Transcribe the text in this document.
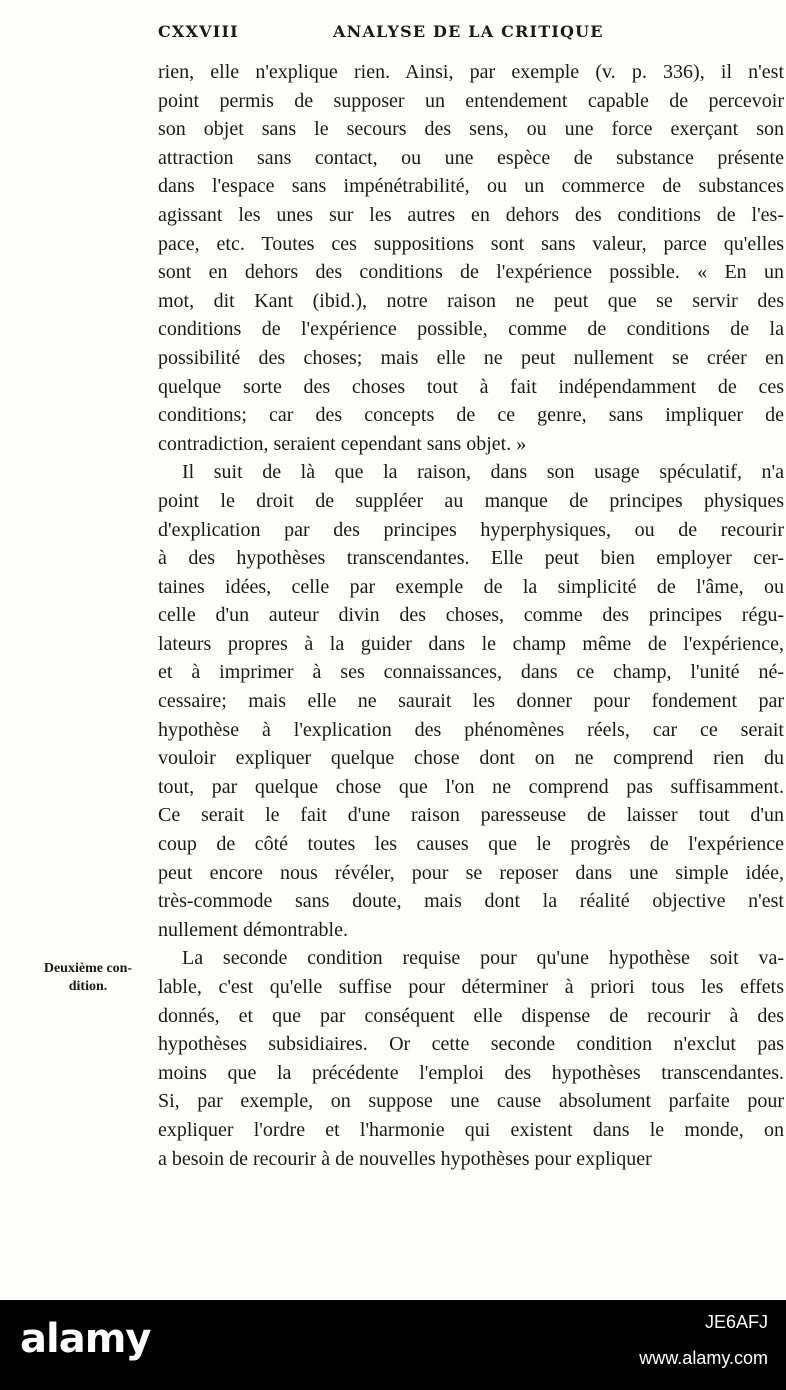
CXXVIII	ANALYSE DE LA CRITIQUE
rien, elle n'explique rien. Ainsi, par exemple (v. p. 336), il n'est
point permis de supposer un entendement capable de percevoir
son objet sans le secours des sens, ou une force exerçant son
attraction sans contact, ou une espèce de substance présente
dans l'espace sans impénétrabilité, ou un commerce de substances
agissant les unes sur les autres en dehors des conditions de l'es-
pace, etc. Toutes ces suppositions sont sans valeur, parce qu'elles
sont en dehors des conditions de l'expérience possible. « En un
mot, dit Kant (ibid.), notre raison ne peut que se servir des
conditions de l'expérience possible, comme de conditions de la
possibilité des choses; mais elle ne peut nullement se créer en
quelque sorte des choses tout à fait indépendamment de ces
conditions; car des concepts de ce genre, sans impliquer de
contradiction, seraient cependant sans objet. »
Il suit de là que la raison, dans son usage spéculatif, n'a
point le droit de suppléer au manque de principes physiques
d'explication par des principes hyperphysiques, ou de recourir
à des hypothèses transcendantes. Elle peut bien employer cer-
taines idées, celle par exemple de la simplicité de l'âme, ou
celle d'un auteur divin des choses, comme des principes régu-
lateurs propres à la guider dans le champ même de l'expérience,
et à imprimer à ses connaissances, dans ce champ, l'unité né-
cessaire; mais elle ne saurait les donner pour fondement par
hypothèse à l'explication des phénomènes réels, car ce serait
vouloir expliquer quelque chose dont on ne comprend rien du
tout, par quelque chose que l'on ne comprend pas suffisamment.
Ce serait le fait d'une raison paresseuse de laisser tout d'un
coup de côté toutes les causes que le progrès de l'expérience
peut encore nous révéler, pour se reposer dans une simple idée,
très-commode sans doute, mais dont la réalité objective n'est
nullement démontrable.
La seconde condition requise pour qu'une hypothèse soit va-
lable, c'est qu'elle suffise pour déterminer à priori tous les effets
donnés, et que par conséquent elle dispense de recourir à des
hypothèses subsidiaires. Or cette seconde condition n'exclut pas
moins que la précédente l'emploi des hypothèses transcendantes.
Si, par exemple, on suppose une cause absolument parfaite pour
expliquer l'ordre et l'harmonie qui existent dans le monde, on
a besoin de recourir à de nouvelles hypothèses pour expliquer
Deuxième con-
dition.
alamy	JE6AFJ
www.alamy.com
